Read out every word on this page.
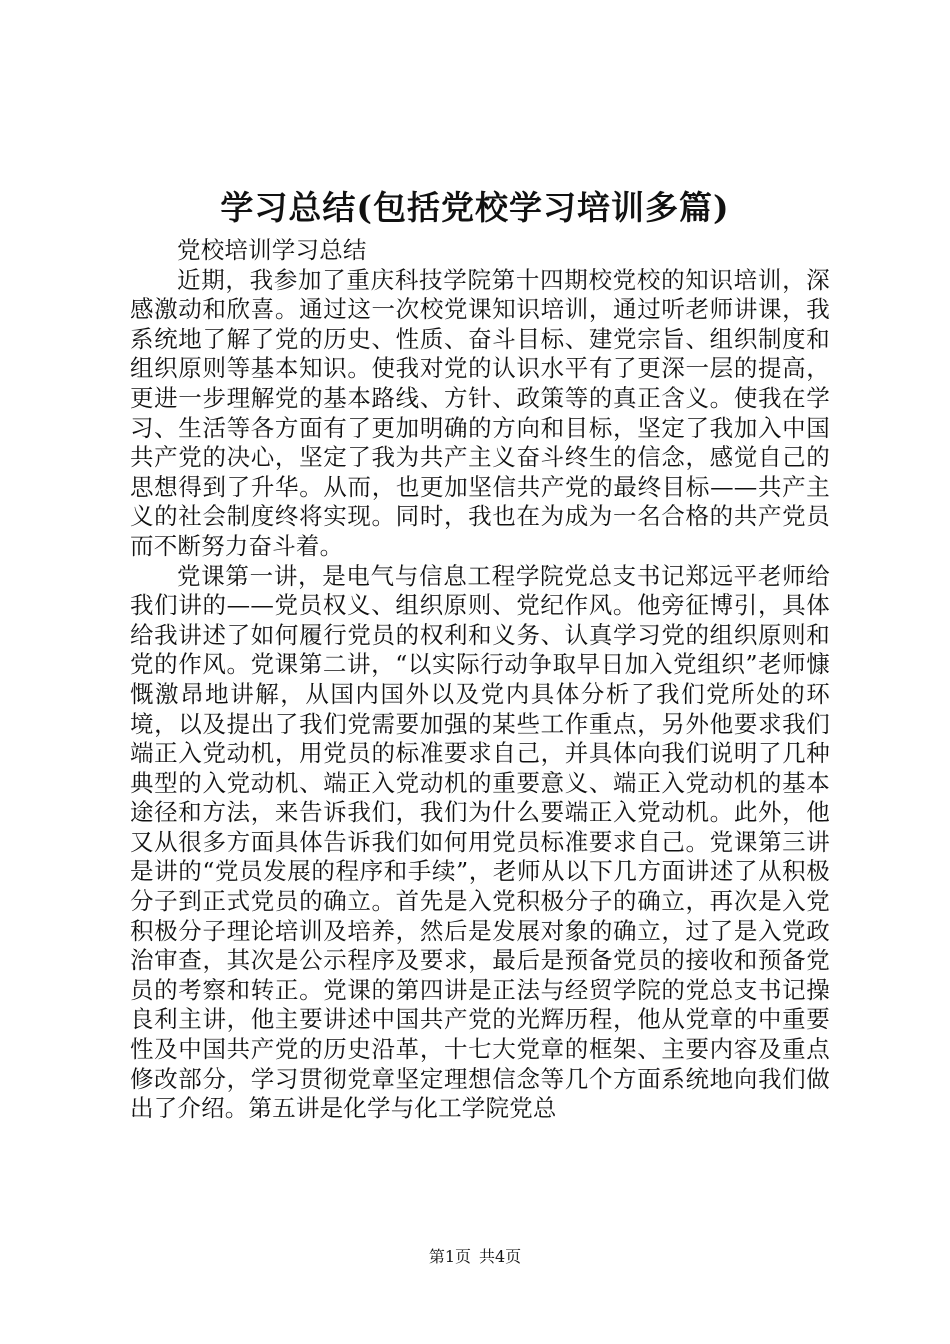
学习总结(包括党校学习培训多篇)

党校培训学习总结

近期，我参加了重庆科技学院第十四期校党校的知识培训，深感激动和欣喜。通过这一次校党课知识培训，通过听老师讲课，我系统地了解了党的历史、性质、奋斗目标、建党宗旨、组织制度和组织原则等基本知识。使我对党的认识水平有了更深一层的提高，更进一步理解党的基本路线、方针、政策等的真正含义。使我在学习、生活等各方面有了更加明确的方向和目标，坚定了我加入中国共产党的决心，坚定了我为共产主义奋斗终生的信念，感觉自己的思想得到了升华。从而，也更加坚信共产党的最终目标——共产主义的社会制度终将实现。同时，我也在为成为一名合格的共产党员而不断努力奋斗着。

党课第一讲，是电气与信息工程学院党总支书记郑远平老师给我们讲的——党员权义、组织原则、党纪作风。他旁征博引，具体给我讲述了如何履行党员的权利和义务、认真学习党的组织原则和党的作风。党课第二讲，“以实际行动争取早日加入党组织”老师慷慨激昂地讲解，从国内国外以及党内具体分析了我们党所处的环境，以及提出了我们党需要加强的某些工作重点，另外他要求我们端正入党动机，用党员的标准要求自己，并具体向我们说明了几种典型的入党动机、端正入党动机的重要意义、端正入党动机的基本途径和方法，来告诉我们，我们为什么要端正入党动机。此外，他又从很多方面具体告诉我们如何用党员标准要求自己。党课第三讲是讲的“党员发展的程序和手续”，老师从以下几方面讲述了从积极分子到正式党员的确立。首先是入党积极分子的确立，再次是入党积极分子理论培训及培养，然后是发展对象的确立，过了是入党政治审查，其次是公示程序及要求，最后是预备党员的接收和预备党员的考察和转正。党课的第四讲是正法与经贸学院的党总支书记操良利主讲，他主要讲述中国共产党的光辉历程，他从党章的中重要性及中国共产党的历史沿革，十七大党章的框架、主要内容及重点修改部分，学习贯彻党章坚定理想信念等几个方面系统地向我们做出了介绍。第五讲是化学与化工学院党总

第1页 共4页
